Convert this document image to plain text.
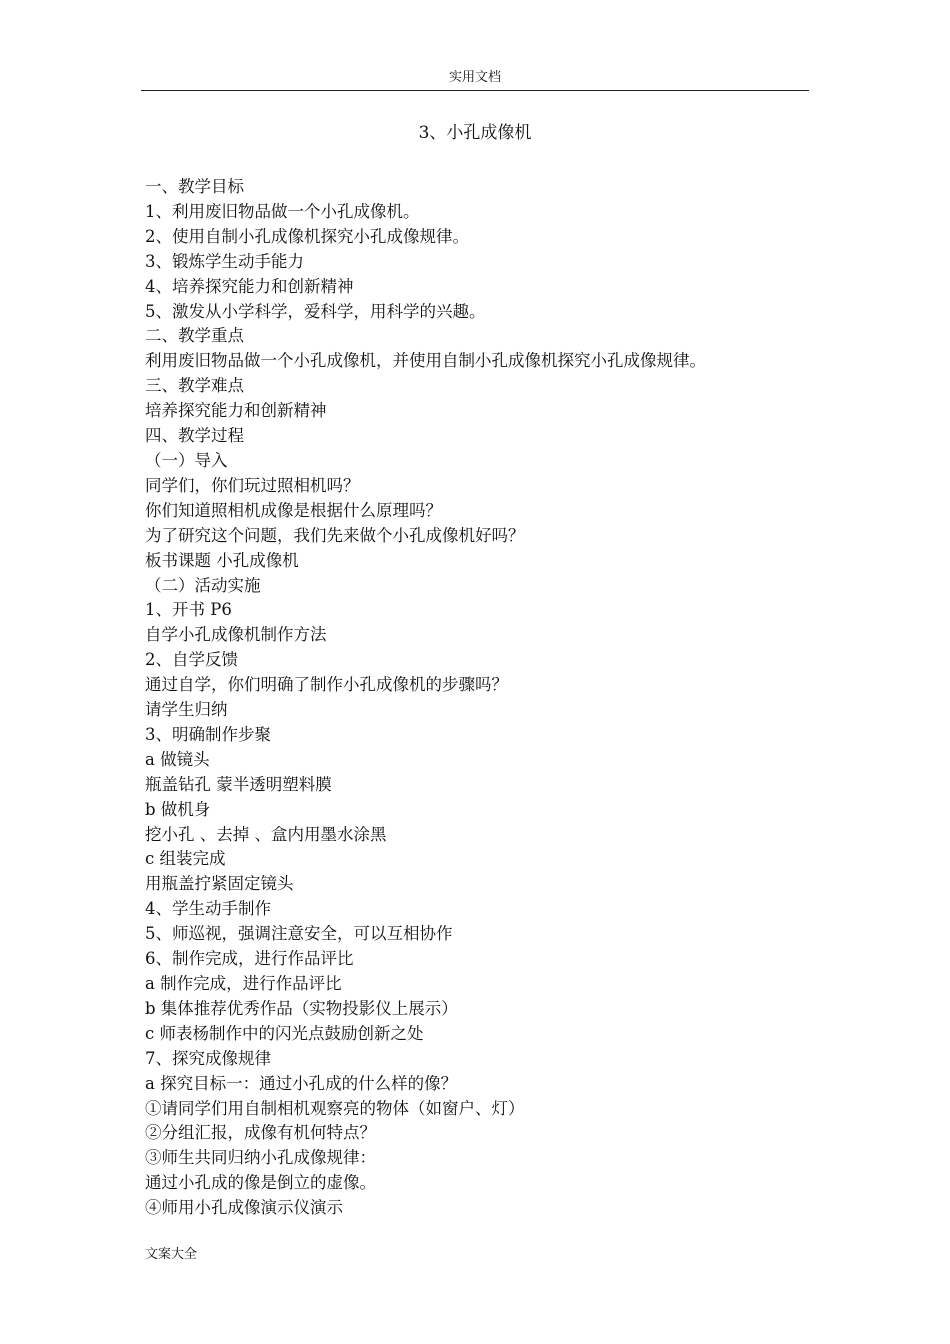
实用文档
3、小孔成像机
一、教学目标
1、利用废旧物品做一个小孔成像机。
2、使用自制小孔成像机探究小孔成像规律。
3、锻炼学生动手能力
4、培养探究能力和创新精神
5、激发从小学科学，爱科学，用科学的兴趣。
二、教学重点
利用废旧物品做一个小孔成像机，并使用自制小孔成像机探究小孔成像规律。
三、教学难点
培养探究能力和创新精神
四、教学过程
（一）导入
同学们，你们玩过照相机吗？
你们知道照相机成像是根据什么原理吗？
为了研究这个问题，我们先来做个小孔成像机好吗？
板书课题 小孔成像机
（二）活动实施
1、开书 P6
自学小孔成像机制作方法
2、自学反馈
通过自学，你们明确了制作小孔成像机的步骤吗？
请学生归纳
3、明确制作步聚
a 做镜头
瓶盖钻孔 蒙半透明塑料膜
b 做机身
挖小孔 、去掉 、盒内用墨水涂黑
c 组装完成
用瓶盖拧紧固定镜头
4、学生动手制作
5、师巡视，强调注意安全，可以互相协作
6、制作完成，进行作品评比
a 制作完成，进行作品评比
b 集体推荐优秀作品（实物投影仪上展示）
c 师表杨制作中的闪光点鼓励创新之处
7、探究成像规律
a 探究目标一：通过小孔成的什么样的像？
①请同学们用自制相机观察亮的物体（如窗户、灯）
②分组汇报，成像有机何特点？
③师生共同归纳小孔成像规律：
通过小孔成的像是倒立的虚像。
④师用小孔成像演示仪演示
文案大全
